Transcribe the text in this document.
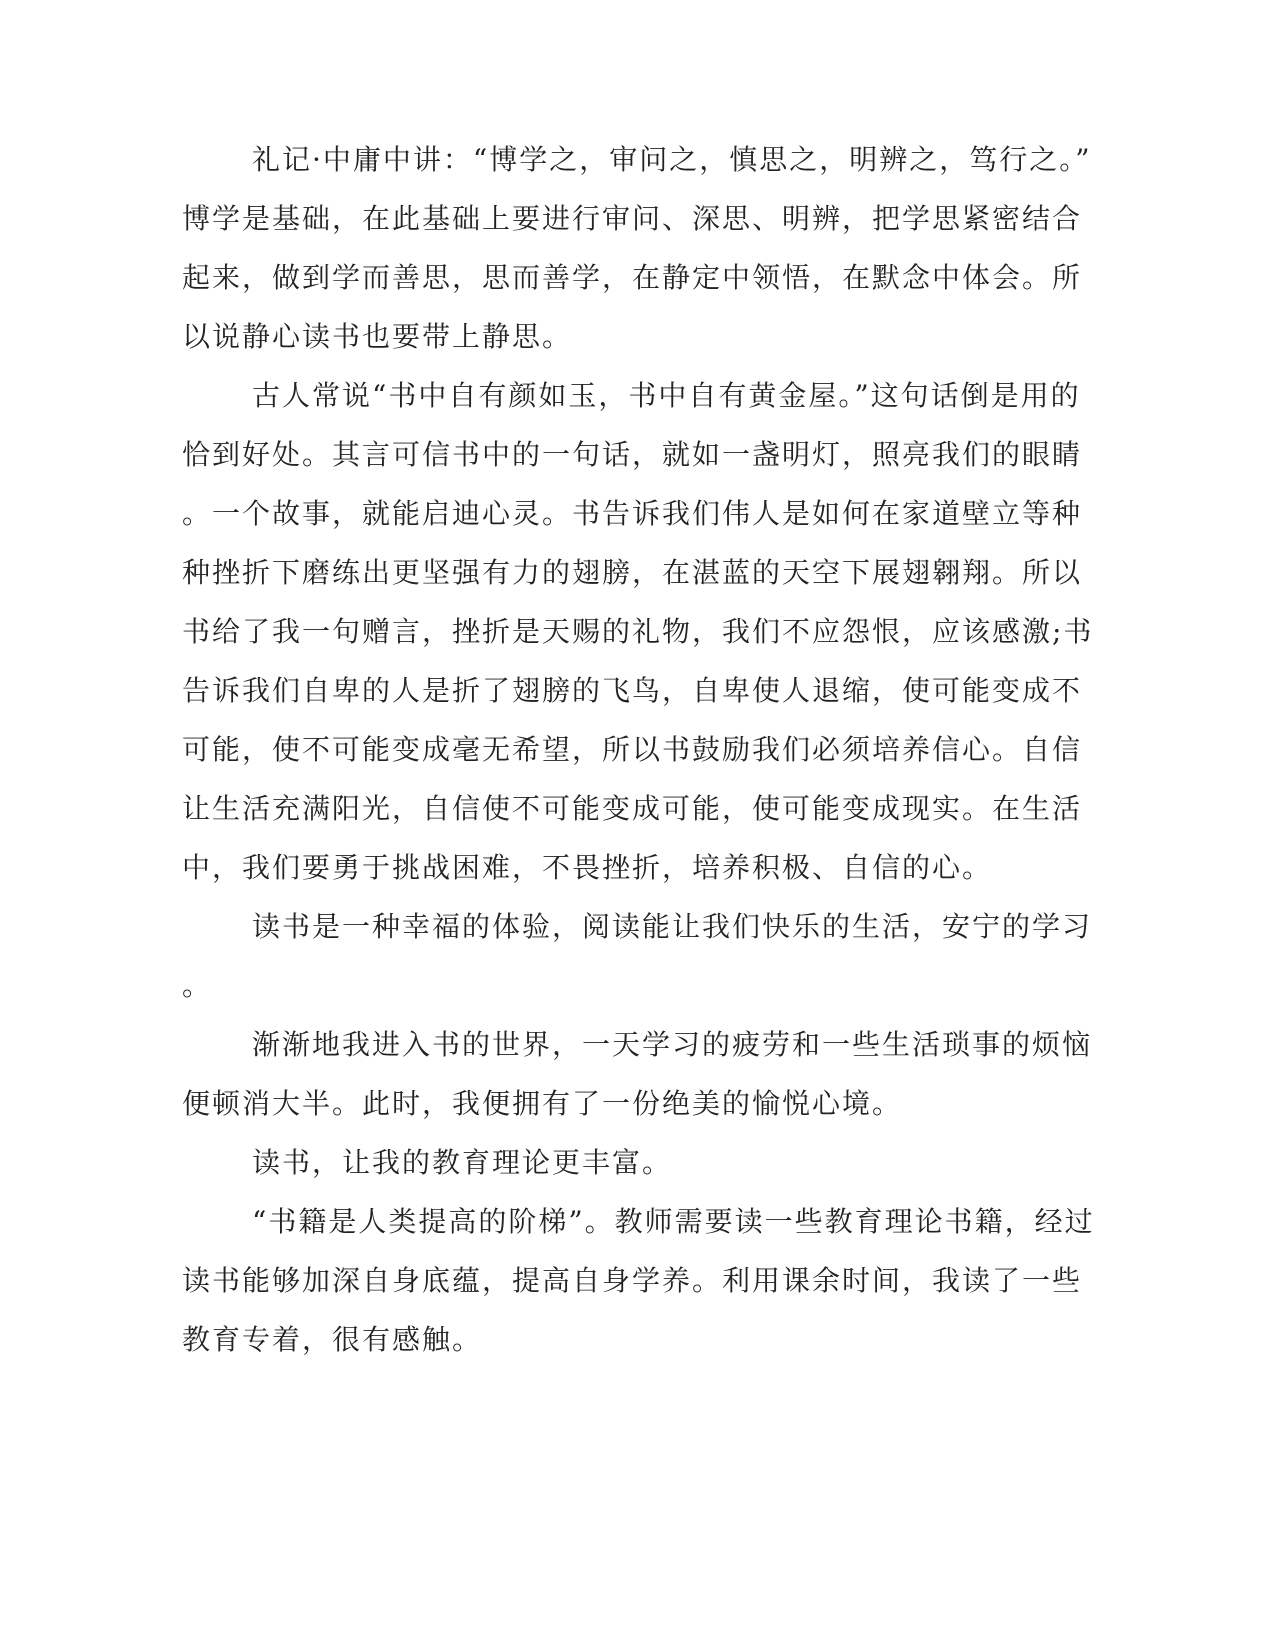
礼记·中庸中讲：“博学之，审问之，慎思之，明辨之，笃行之。”
博学是基础，在此基础上要进行审问、深思、明辨，把学思紧密结合
起来，做到学而善思，思而善学，在静定中领悟，在默念中体会。所
以说静心读书也要带上静思。
古人常说“书中自有颜如玉，书中自有黄金屋。”这句话倒是用的
恰到好处。其言可信书中的一句话，就如一盏明灯，照亮我们的眼睛
。一个故事，就能启迪心灵。书告诉我们伟人是如何在家道壁立等种
种挫折下磨练出更坚强有力的翅膀，在湛蓝的天空下展翅翱翔。所以
书给了我一句赠言，挫折是天赐的礼物，我们不应怨恨，应该感激;书
告诉我们自卑的人是折了翅膀的飞鸟，自卑使人退缩，使可能变成不
可能，使不可能变成毫无希望，所以书鼓励我们必须培养信心。自信
让生活充满阳光，自信使不可能变成可能，使可能变成现实。在生活
中，我们要勇于挑战困难，不畏挫折，培养积极、自信的心。
读书是一种幸福的体验，阅读能让我们快乐的生活，安宁的学习
。
渐渐地我进入书的世界，一天学习的疲劳和一些生活琐事的烦恼
便顿消大半。此时，我便拥有了一份绝美的愉悦心境。
读书，让我的教育理论更丰富。
“书籍是人类提高的阶梯”。教师需要读一些教育理论书籍，经过
读书能够加深自身底蕴，提高自身学养。利用课余时间，我读了一些
教育专着，很有感触。
